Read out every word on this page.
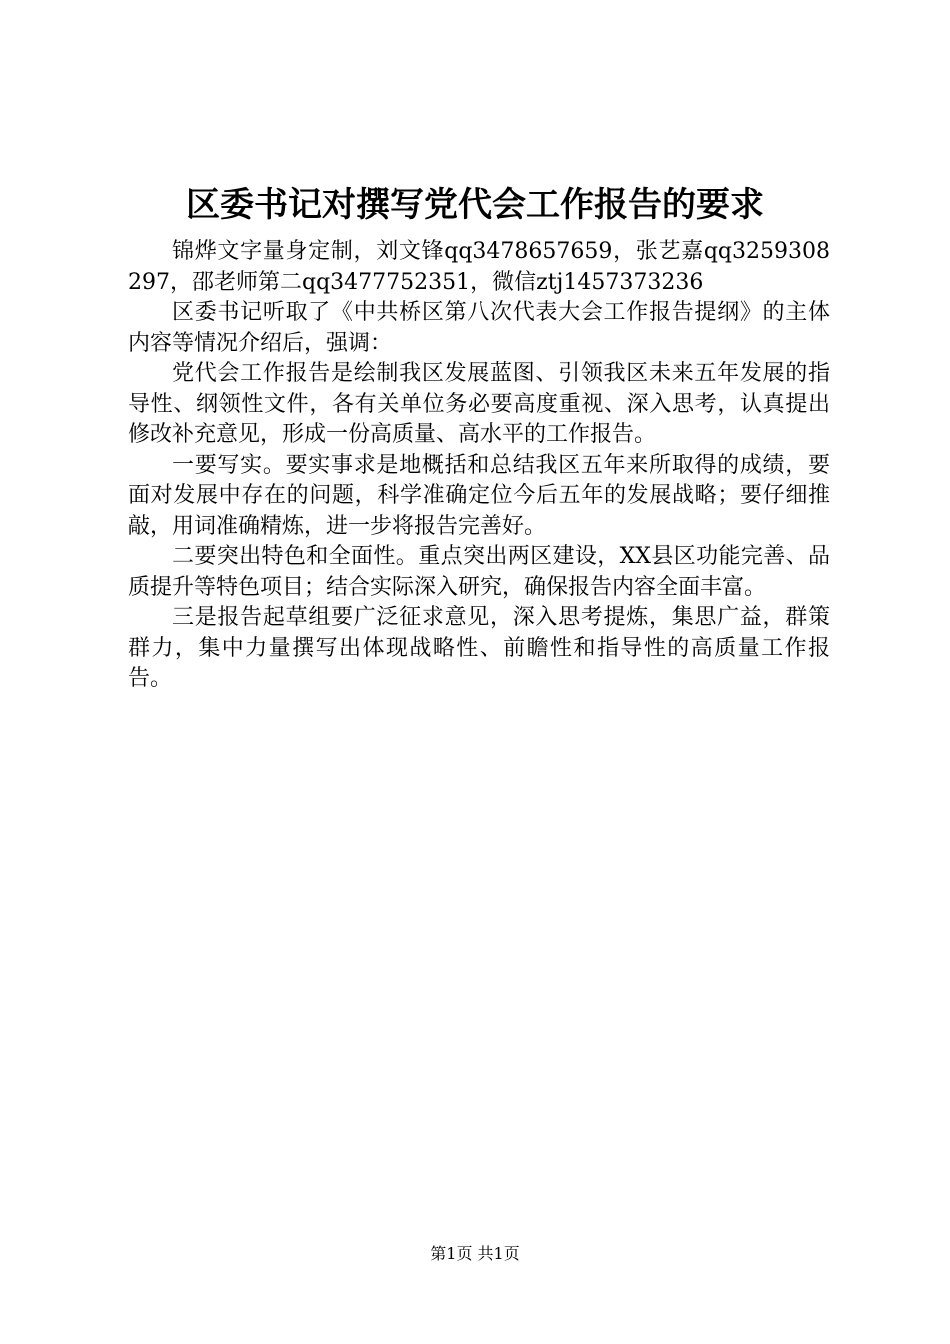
区委书记对撰写党代会工作报告的要求

锦烨文字量身定制，刘文锋qq3478657659，张艺嘉qq3259308297，邵老师第二qq3477752351，微信ztj1457373236

区委书记听取了《中共桥区第八次代表大会工作报告提纲》的主体内容等情况介绍后，强调：

党代会工作报告是绘制我区发展蓝图、引领我区未来五年发展的指导性、纲领性文件，各有关单位务必要高度重视、深入思考，认真提出修改补充意见，形成一份高质量、高水平的工作报告。

一要写实。要实事求是地概括和总结我区五年来所取得的成绩，要面对发展中存在的问题，科学准确定位今后五年的发展战略；要仔细推敲，用词准确精炼，进一步将报告完善好。

二要突出特色和全面性。重点突出两区建设，XX县区功能完善、品质提升等特色项目；结合实际深入研究，确保报告内容全面丰富。

三是报告起草组要广泛征求意见，深入思考提炼，集思广益，群策群力，集中力量撰写出体现战略性、前瞻性和指导性的高质量工作报告。

第1页 共1页
